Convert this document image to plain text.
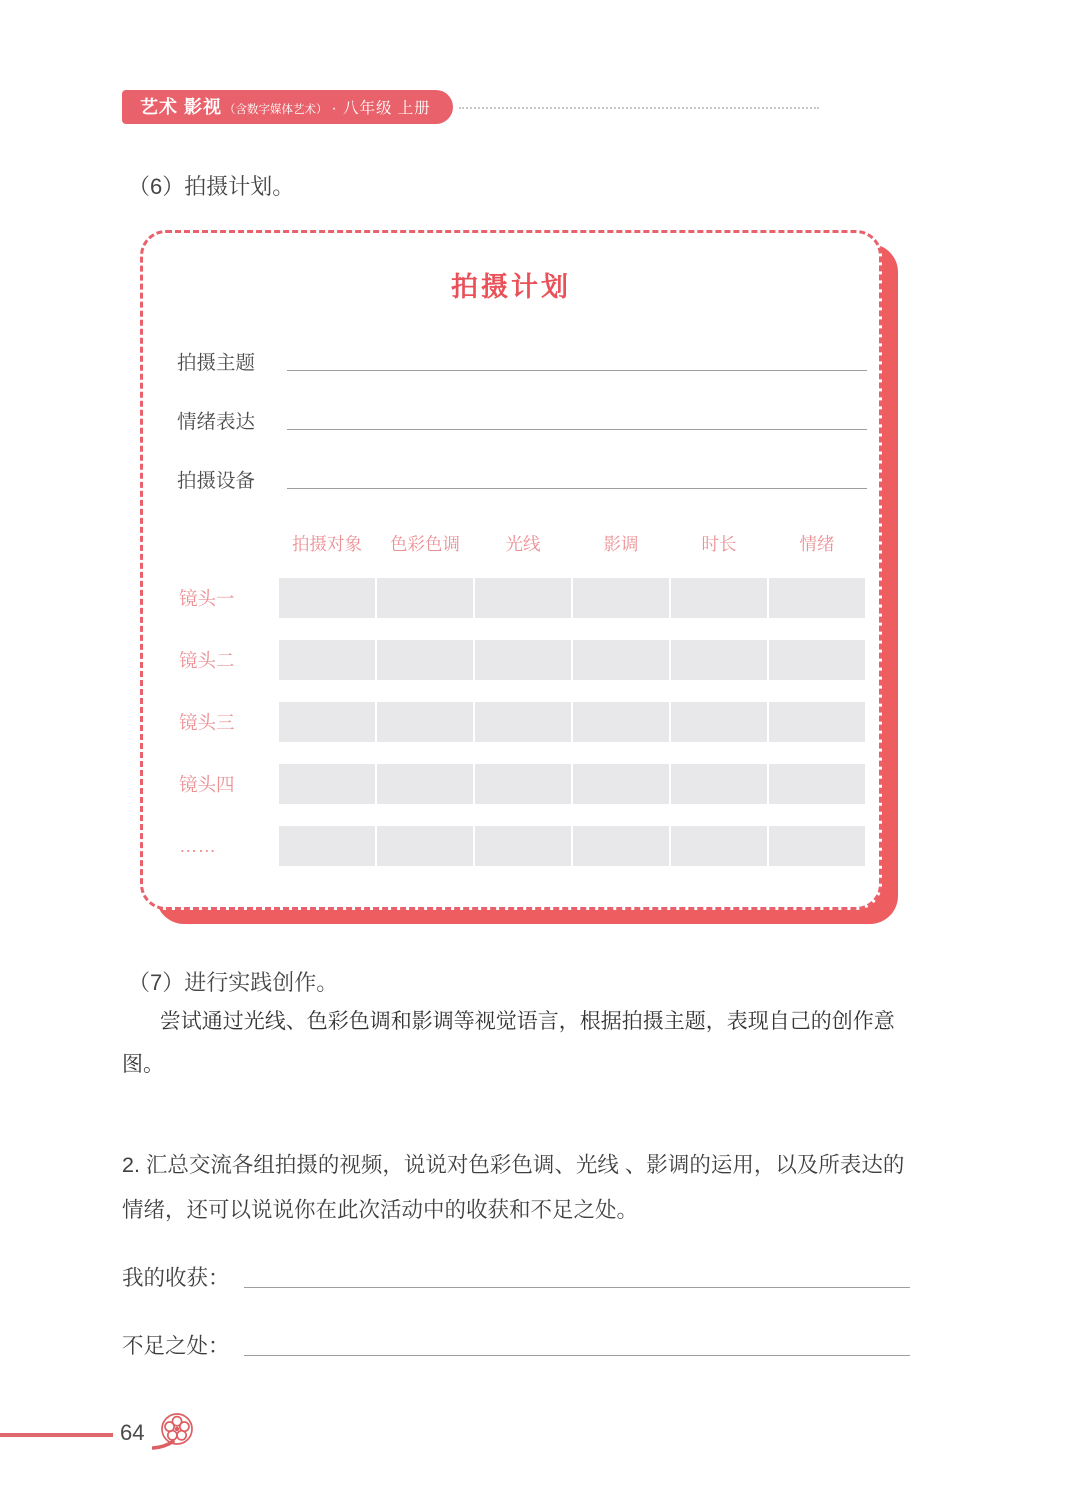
艺术 影视 （含数字媒体艺术） · 八年级 上册
（6）拍摄计划。
拍摄计划
拍摄主题
情绪表达
拍摄设备
拍摄对象	色彩色调	光线	影调	时长	情绪
镜头一
镜头二
镜头三
镜头四
……
（7）进行实践创作。

尝试通过光线、色彩色调和影调等视觉语言，根据拍摄主题，表现自己的创作意图。

2. 汇总交流各组拍摄的视频，说说对色彩色调、光线 、影调的运用，以及所表达的情绪，还可以说说你在此次活动中的收获和不足之处。

我的收获：
不足之处：
64
